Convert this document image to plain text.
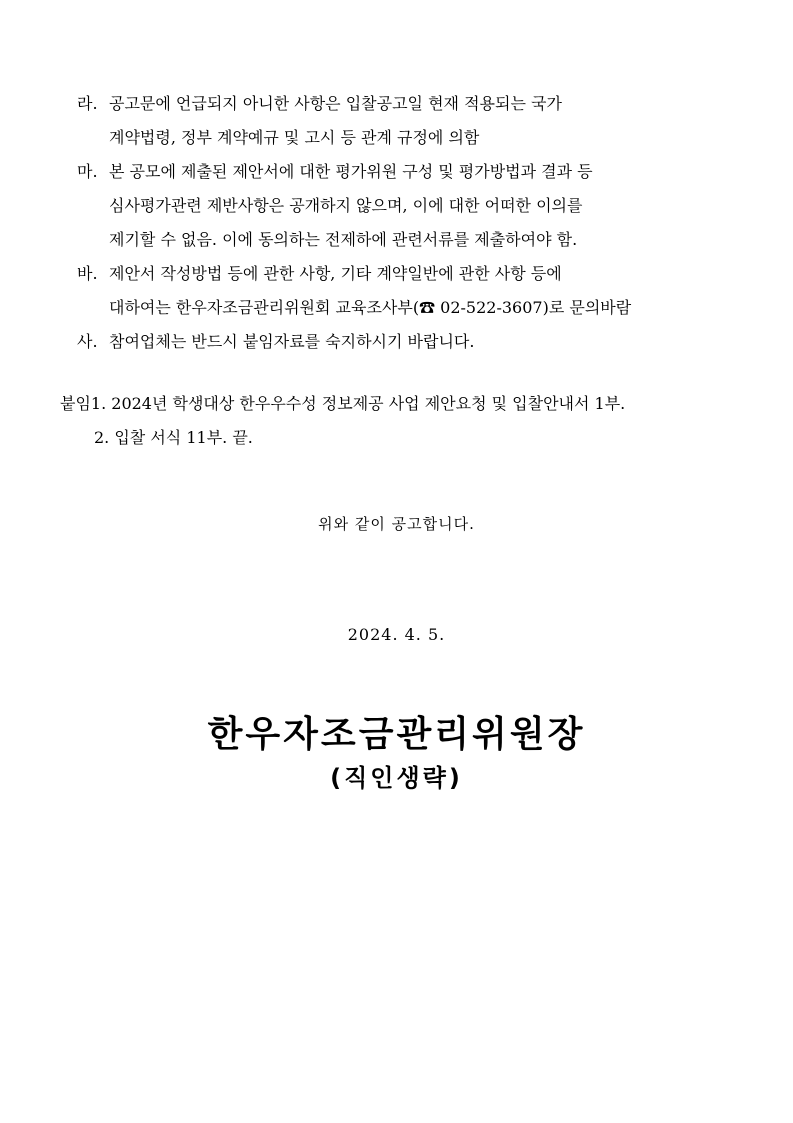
라. 공고문에 언급되지 아니한 사항은 입찰공고일 현재 적용되는 국가
계약법령, 정부 계약예규 및 고시 등 관계 규정에 의함
마. 본 공모에 제출된 제안서에 대한 평가위원 구성 및 평가방법과 결과 등
심사평가관련 제반사항은 공개하지 않으며, 이에 대한 어떠한 이의를
제기할 수 없음. 이에 동의하는 전제하에 관련서류를 제출하여야 함.
바. 제안서 작성방법 등에 관한 사항, 기타 계약일반에 관한 사항 등에
대하여는 한우자조금관리위원회 교육조사부(☎ 02-522-3607)로 문의바람
사. 참여업체는 반드시 붙임자료를 숙지하시기 바랍니다.
붙임1. 2024년 학생대상 한우우수성 정보제공 사업 제안요청 및 입찰안내서 1부.
2. 입찰 서식 11부. 끝.
위와 같이 공고합니다.
2024. 4. 5.
한우자조금관리위원장
(직인생략)
